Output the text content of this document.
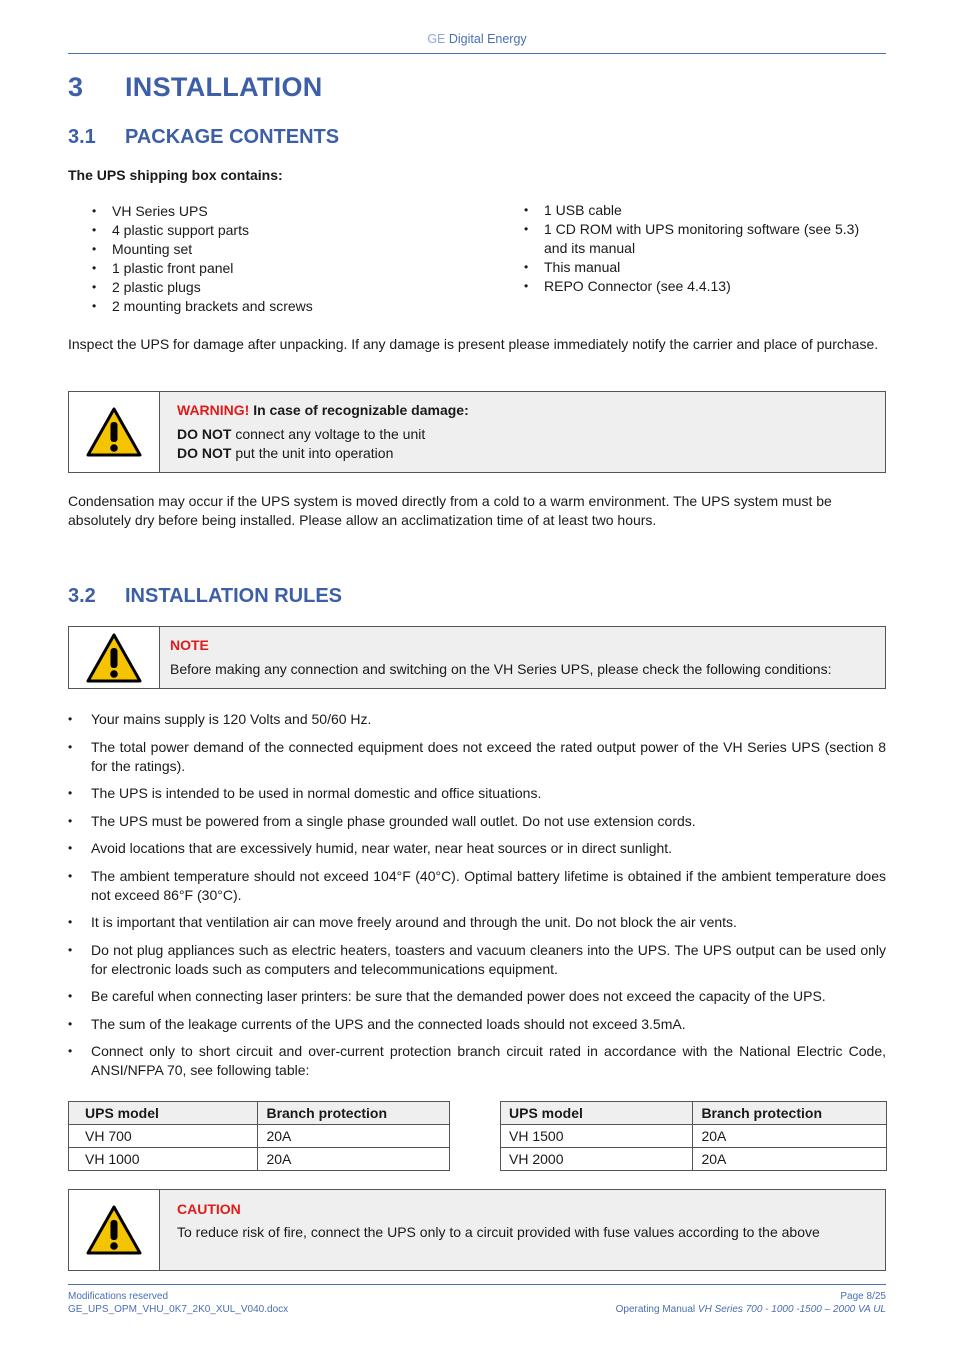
GE Digital Energy
3 INSTALLATION
3.1 PACKAGE CONTENTS
The UPS shipping box contains:
• VH Series UPS
• 4 plastic support parts
• Mounting set
• 1 plastic front panel
• 2 plastic plugs
• 2 mounting brackets and screws
• 1 USB cable
• 1 CD ROM with UPS monitoring software (see 5.3) and its manual
• This manual
• REPO Connector (see 4.4.13)
Inspect the UPS for damage after unpacking. If any damage is present please immediately notify the carrier and place of purchase.
WARNING! In case of recognizable damage:
DO NOT connect any voltage to the unit
DO NOT put the unit into operation
Condensation may occur if the UPS system is moved directly from a cold to a warm environment. The UPS system must be absolutely dry before being installed. Please allow an acclimatization time of at least two hours.
3.2 INSTALLATION RULES
NOTE
Before making any connection and switching on the VH Series UPS, please check the following conditions:
• Your mains supply is 120 Volts and 50/60 Hz.
• The total power demand of the connected equipment does not exceed the rated output power of the VH Series UPS (section 8 for the ratings).
• The UPS is intended to be used in normal domestic and office situations.
• The UPS must be powered from a single phase grounded wall outlet. Do not use extension cords.
• Avoid locations that are excessively humid, near water, near heat sources or in direct sunlight.
• The ambient temperature should not exceed 104°F (40°C). Optimal battery lifetime is obtained if the ambient temperature does not exceed 86°F (30°C).
• It is important that ventilation air can move freely around and through the unit. Do not block the air vents.
• Do not plug appliances such as electric heaters, toasters and vacuum cleaners into the UPS. The UPS output can be used only for electronic loads such as computers and telecommunications equipment.
• Be careful when connecting laser printers: be sure that the demanded power does not exceed the capacity of the UPS.
• The sum of the leakage currents of the UPS and the connected loads should not exceed 3.5mA.
• Connect only to short circuit and over-current protection branch circuit rated in accordance with the National Electric Code, ANSI/NFPA 70, see following table:
UPS model	Branch protection
VH 700	20A
VH 1000	20A
UPS model	Branch protection
VH 1500	20A
VH 2000	20A
CAUTION
To reduce risk of fire, connect the UPS only to a circuit provided with fuse values according to the above
Modifications reserved
GE_UPS_OPM_VHU_0K7_2K0_XUL_V040.docx
Page 8/25
Operating Manual VH Series 700 - 1000 -1500 – 2000 VA UL
